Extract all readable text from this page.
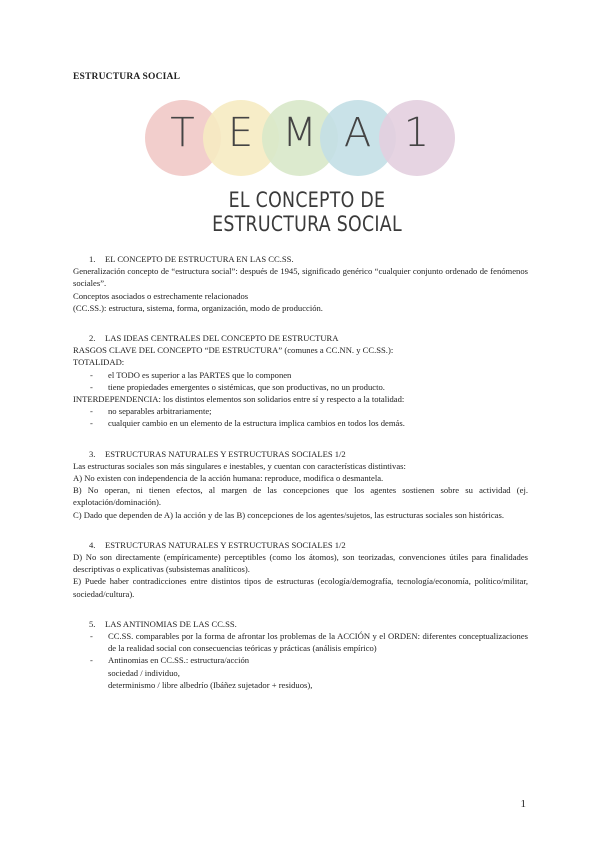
ESTRUCTURA SOCIAL
T E M A 1
EL CONCEPTO DE ESTRUCTURA SOCIAL
1. EL CONCEPTO DE ESTRUCTURA EN LAS CC.SS.

Generalización concepto de “estructura social”: después de 1945, significado genérico “cualquier conjunto ordenado de fenómenos sociales”.

Conceptos asociados o estrechamente relacionados

(CC.SS.): estructura, sistema, forma, organización, modo de producción.

2. LAS IDEAS CENTRALES DEL CONCEPTO DE ESTRUCTURA

RASGOS CLAVE DEL CONCEPTO “DE ESTRUCTURA” (comunes a CC.NN. y CC.SS.):

TOTALIDAD:

- el TODO es superior a las PARTES que lo componen
- tiene propiedades emergentes o sistémicas, que son productivas, no un producto.

INTERDEPENDENCIA: los distintos elementos son solidarios entre sí y respecto a la totalidad:

- no separables arbitrariamente;
- cualquier cambio en un elemento de la estructura implica cambios en todos los demás.
3. ESTRUCTURAS NATURALES Y ESTRUCTURAS SOCIALES 1/2

Las estructuras sociales son más singulares e inestables, y cuentan con características distintivas:

A) No existen con independencia de la acción humana: reproduce, modifica o desmantela.

B) No operan, ni tienen efectos, al margen de las concepciones que los agentes sostienen sobre su actividad (ej. explotación/dominación).

C) Dado que dependen de A) la acción y de las B) concepciones de los agentes/sujetos, las estructuras sociales son históricas.

4. ESTRUCTURAS NATURALES Y ESTRUCTURAS SOCIALES 1/2

D) No son directamente (empíricamente) perceptibles (como los átomos), son teorizadas, convenciones útiles para finalidades descriptivas o explicativas (subsistemas analíticos).

E) Puede haber contradicciones entre distintos tipos de estructuras (ecología/demografía, tecnología/economía, político/militar, sociedad/cultura).

5. LAS ANTINOMIAS DE LAS CC.SS.
- CC.SS. comparables por la forma de afrontar los problemas de la ACCIÓN y el ORDEN: diferentes conceptualizaciones de la realidad social con consecuencias teóricas y prácticas (análisis empírico)
- Antinomias en CC.SS.: estructura/acción

sociedad / individuo,

determinismo / libre albedrío (Ibáñez sujetador + residuos),

1
